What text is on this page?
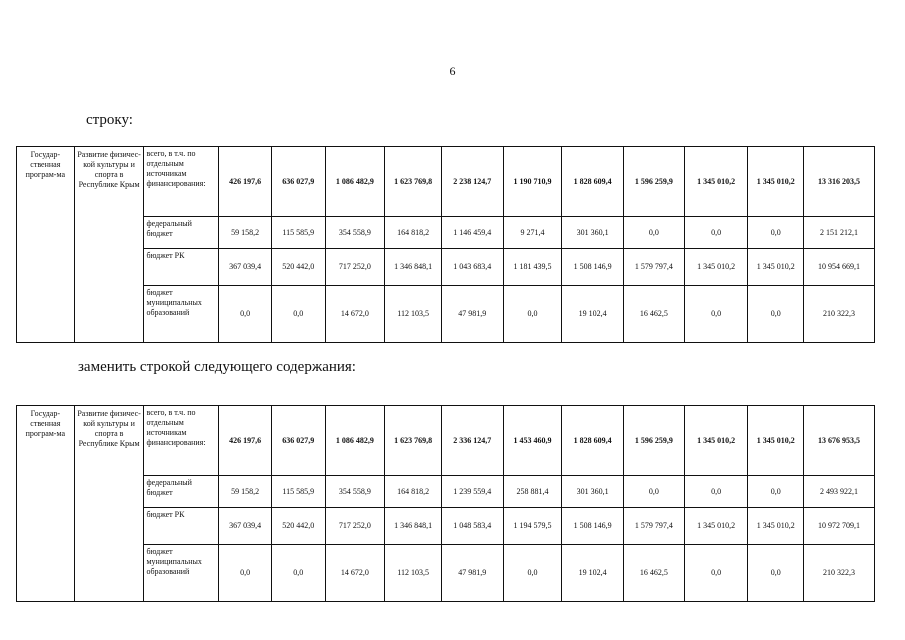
6
строку:
заменить строкой следующего содержания:
Государ-ственная програм-ма	Развитие физичес-кой культуры и спорта в Республике Крым	всего, в т.ч. по отдельным источникам финансирования:	426 197,6	636 027,9	1 086 482,9	1 623 769,8	2 238 124,7	1 190 710,9	1 828 609,4	1 596 259,9	1 345 010,2	1 345 010,2	13 316 203,5
		федеральный бюджет	59 158,2	115 585,9	354 558,9	164 818,2	1 146 459,4	9 271,4	301 360,1	0,0	0,0	0,0	2 151 212,1
		бюджет РК	367 039,4	520 442,0	717 252,0	1 346 848,1	1 043 683,4	1 181 439,5	1 508 146,9	1 579 797,4	1 345 010,2	1 345 010,2	10 954 669,1
		бюджет муниципальных образований	0,0	0,0	14 672,0	112 103,5	47 981,9	0,0	19 102,4	16 462,5	0,0	0,0	210 322,3
Государ-ственная програм-ма	Развитие физичес-кой культуры и спорта в Республике Крым	всего, в т.ч. по отдельным источникам финансирования:	426 197,6	636 027,9	1 086 482,9	1 623 769,8	2 336 124,7	1 453 460,9	1 828 609,4	1 596 259,9	1 345 010,2	1 345 010,2	13 676 953,5
		федеральный бюджет	59 158,2	115 585,9	354 558,9	164 818,2	1 239 559,4	258 881,4	301 360,1	0,0	0,0	0,0	2 493 922,1
		бюджет РК	367 039,4	520 442,0	717 252,0	1 346 848,1	1 048 583,4	1 194 579,5	1 508 146,9	1 579 797,4	1 345 010,2	1 345 010,2	10 972 709,1
		бюджет муниципальных образований	0,0	0,0	14 672,0	112 103,5	47 981,9	0,0	19 102,4	16 462,5	0,0	0,0	210 322,3
